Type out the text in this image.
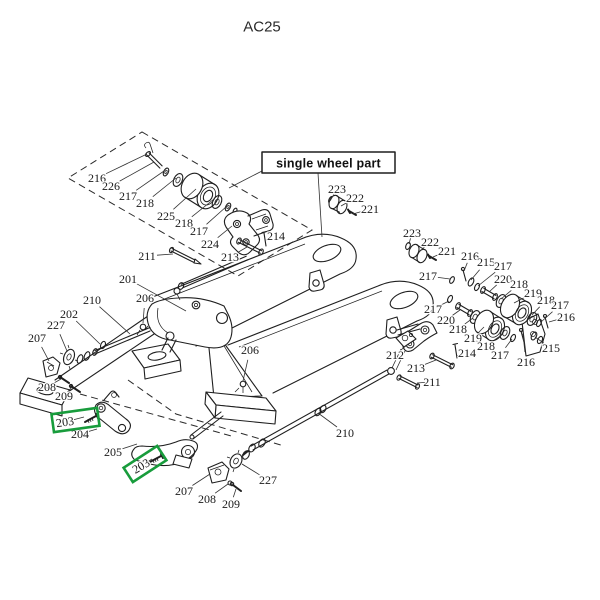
single wheel part
216
226
217 218
225 218
217
224
213
214
211
201
210
202
227
207
206
208
209
203
204
205
203
207
208 209
227
210
206	212
213
211
214
223
222
221
223
222
221
217
216
215 217
220
218
219
218
217
216
217
220
218
219
218
217 216
215
AC25
